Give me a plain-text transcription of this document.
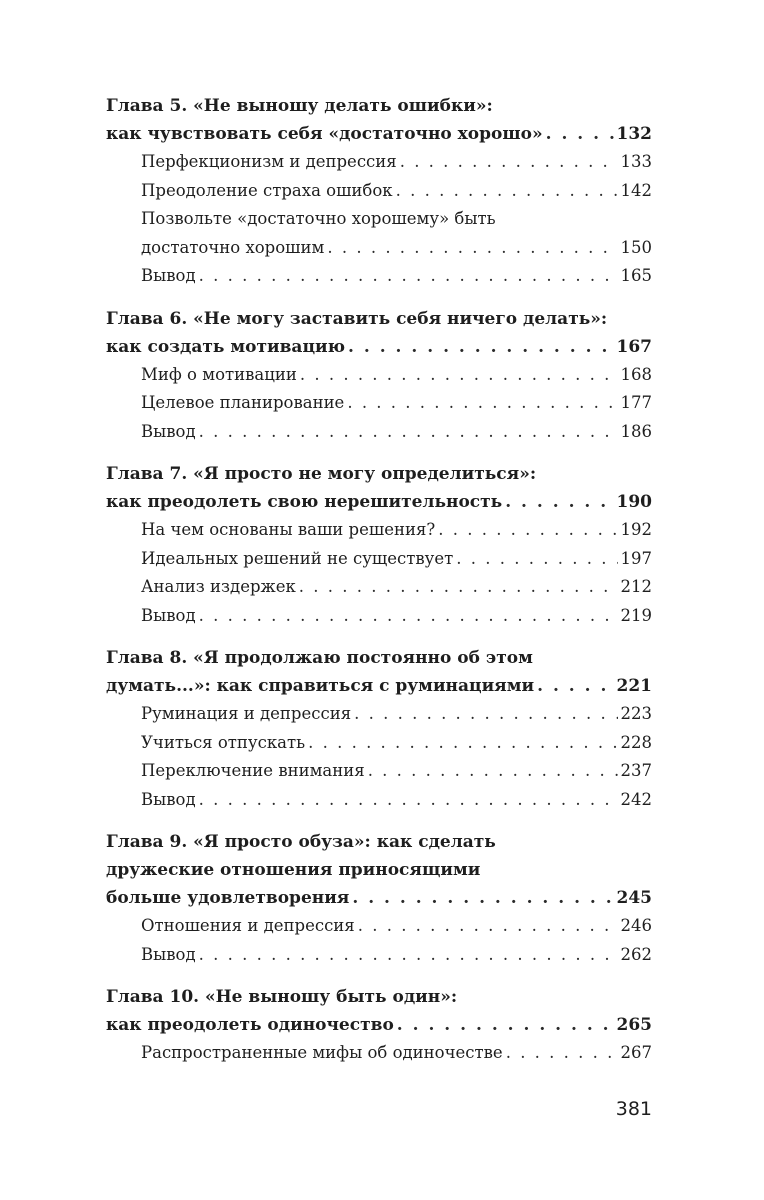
Глава 5. «Не выношу делать ошибки»:
как чувствовать себя «достаточно хорошо» . . .	132
Перфекционизм и депрессия . . .	133
Преодоление страха ошибок . . .	142
Позвольте «достаточно хорошему» быть
достаточно хорошим . . .	150
Вывод . . .	165
Глава 6. «Не могу заставить себя ничего делать»:
как создать мотивацию . . .	167
Миф о мотивации . . .	168
Целевое планирование . . .	177
Вывод . . .	186
Глава 7. «Я просто не могу определиться»:
как преодолеть свою нерешительность . . .	190
На чем основаны ваши решения? . . .	192
Идеальных решений не существует . . .	197
Анализ издержек . . .	212
Вывод . . .	219
Глава 8. «Я продолжаю постоянно об этом
думать...»: как справиться с руминациями . . .	221
Руминация и депрессия . . .	223
Учиться отпускать . . .	228
Переключение внимания . . .	237
Вывод . . .	242
Глава 9. «Я просто обуза»: как сделать
дружеские отношения приносящими
больше удовлетворения . . .	245
Отношения и депрессия . . .	246
Вывод . . .	262
Глава 10. «Не выношу быть один»:
как преодолеть одиночество . . .	265
Распространенные мифы об одиночестве . . .	267
381
